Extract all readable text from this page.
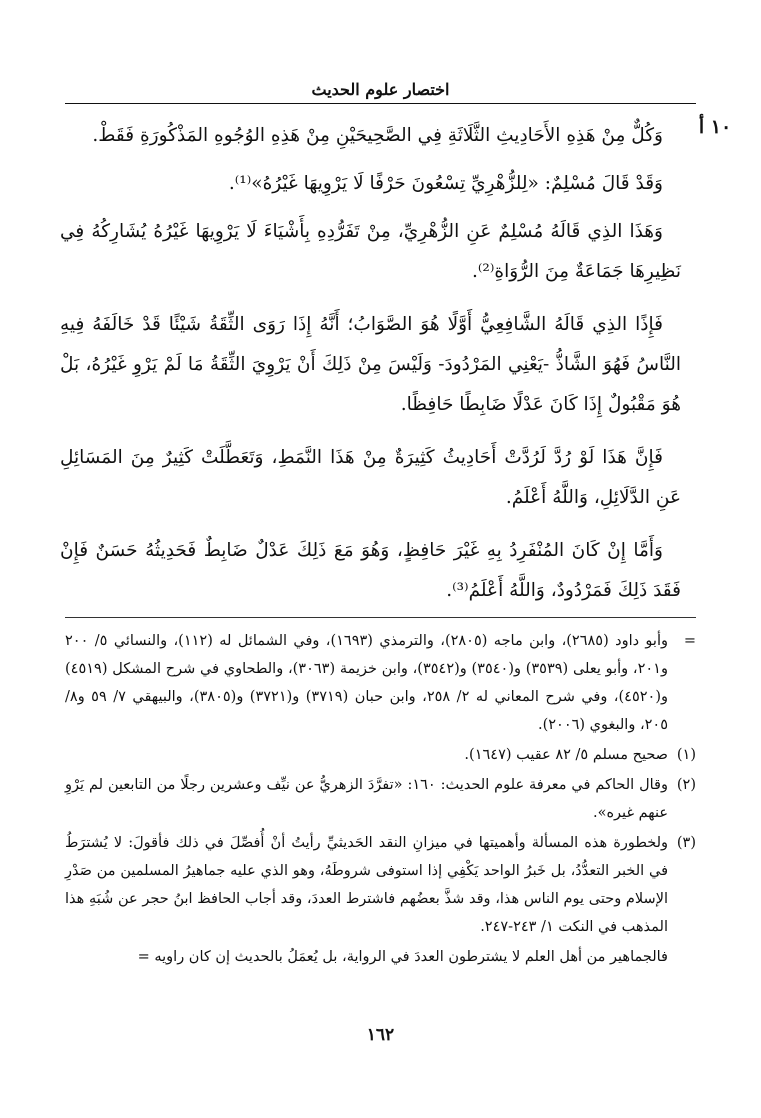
اختصار علوم الحديث
١٠ أ

وَكُلٌّ مِنْ هَذِهِ الأَحَادِيثِ الثَّلَاثَةِ فِي الصَّحِيحَيْنِ مِنْ هَذِهِ الوُجُوهِ المَذْكُورَةِ فَقَطْ.

وَقَدْ قَالَ مُسْلِمٌ: «لِلزُّهْرِيِّ تِسْعُونَ حَرْفًا لَا يَرْوِيهَا غَيْرُهُ»⁽¹⁾.

وَهَذَا الذِي قَالَهُ مُسْلِمٌ عَنِ الزُّهْرِيِّ، مِنْ تَفَرُّدِهِ بِأَشْيَاءَ لَا يَرْوِيهَا غَيْرُهُ يُشَارِكُهُ فِي نَظِيرِهَا جَمَاعَةٌ مِنَ الرُّوَاةِ⁽²⁾.

فَإِذًا الذِي قَالَهُ الشَّافِعِيُّ أَوَّلًا هُوَ الصَّوَابُ؛ أَنَّهُ إِذَا رَوَى الثِّقَةُ شَيْئًا قَدْ خَالَفَهُ فِيهِ النَّاسُ فَهُوَ الشَّاذُّ -يَعْنِي المَرْدُودَ- وَلَيْسَ مِنْ ذَلِكَ أَنْ يَرْوِيَ الثِّقَةُ مَا لَمْ يَرْوِ غَيْرُهُ، بَلْ هُوَ مَقْبُولٌ إِذَا كَانَ عَدْلًا ضَابِطًا حَافِظًا.

فَإِنَّ هَذَا لَوْ رُدَّ لَرُدَّتْ أَحَادِيثُ كَثِيرَةٌ مِنْ هَذَا النَّمَطِ، وَتَعَطَّلَتْ كَثِيرٌ مِنَ المَسَائِلِ عَنِ الدَّلَائِلِ، وَاللَّهُ أَعْلَمُ.

وَأَمَّا إِنْ كَانَ المُنْفَرِدُ بِهِ غَيْرَ حَافِظٍ، وَهُوَ مَعَ ذَلِكَ عَدْلٌ ضَابِطٌ فَحَدِيثُهُ حَسَنٌ فَإِنْ فَقَدَ ذَلِكَ فَمَرْدُودٌ، وَاللَّهُ أَعْلَمُ⁽³⁾.

=
وأبو داود (٢٦٨٥)، وابن ماجه (٢٨٠٥)، والترمذي (١٦٩٣)، وفي الشمائل له (١١٢)، والنسائي ٥/ ٢٠٠ و٢٠١، وأبو يعلى (٣٥٣٩) و(٣٥٤٠) و(٣٥٤٢)، وابن خزيمة (٣٠٦٣)، والطحاوي في شرح المشكل (٤٥١٩) و(٤٥٢٠)، وفي شرح المعاني له ٢/ ٢٥٨، وابن حبان (٣٧١٩) و(٣٧٢١) و(٣٨٠٥)، والبيهقي ٧/ ٥٩ و٨/ ٢٠٥، والبغوي (٢٠٠٦).
(١)
صحيح مسلم ٥/ ٨٢ عقيب (١٦٤٧).
(٢)
وقال الحاكم في معرفة علوم الحديث: ١٦٠: «تفرَّدَ الزهريُّ عن نيِّف وعشرين رجلًا من التابعين لم يَرْوِ عنهم غيره».
(٣)
ولخطورة هذه المسألة وأهميتها في ميزانِ النقد الحَديثيِّ رأيتُ أنْ أُفصِّلَ في ذلك فأقولَ: لا يُشترَطُ في الخبر التعدُّدُ، بل خَبرُ الواحد يَكْفِي إذا استوفى شروطَهُ، وهو الذي عليه جماهيرُ المسلمين من صَدْرِ الإسلام وحتى يوم الناس هذا، وقد شذَّ بعضُهم فاشترط العددَ، وقد أجاب الحافظ ابنُ حجر عن شُبَهِ هذا المذهب في النكت ١/ ٢٤٣-٢٤٧.
فالجماهير من أهل العلم لا يشترطون العددَ في الرواية، بل يُعمَلُ بالحديث إن كان راويه =
١٦٢
